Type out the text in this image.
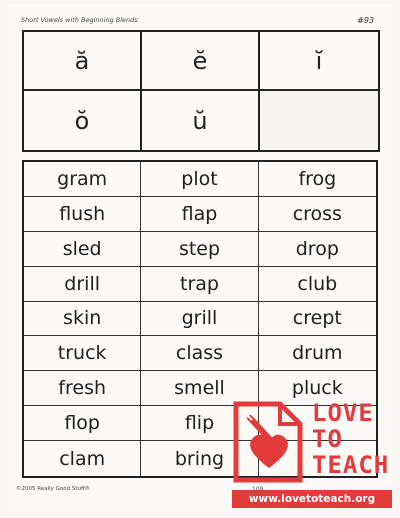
Short Vowels with Beginning Blends	#93
ă	ĕ	ĭ
ŏ	ŭ
gram	plot	frog
flush	flap	cross
sled	step	drop
drill	trap	club
skin	grill	crept
truck	class	drum
fresh	smell	pluck
flop	flip
clam	bring
©2005 Really Good Stuff®
LOVE
TO
TEACH
www.lovetoteach.org
109
